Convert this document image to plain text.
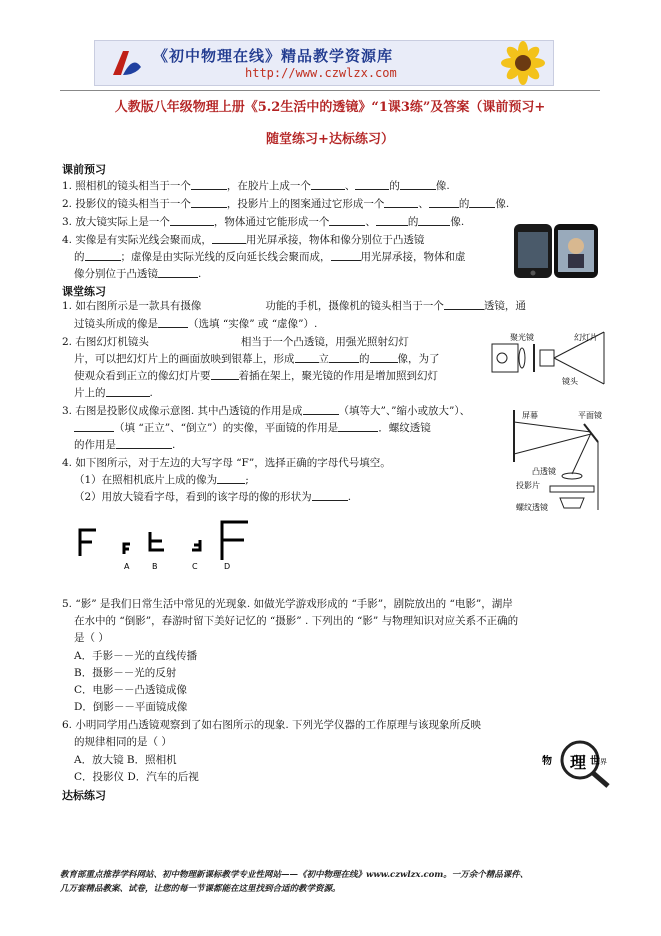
《初中物理在线》精品教学资源库
http://www.czwlzx.com
人教版八年级物理上册《5.2生活中的透镜》“1课3练”及答案（课前预习+
随堂练习+达标练习）
课前预习
1. 照相机的镜头相当于一个	，在胶片上成一个	、	的	像.
2. 投影仪的镜头相当于一个	，投影片上的图案通过它形成一个	、	的 像.
3. 放大镜实际上是一个	，物体通过它能形成一个	、	的	像.
4. 实像是有实际光线会聚而成，	用光屏承接，物体和像分别位于凸透镜
的	；虚像是由实际光线的反向延长线会聚而成，	用光屏承接，物体和虚
像分别位于凸透镜	.
课堂练习
1. 如右图所示是一款具有摄像	功能的手机，摄像机的镜头相当于一个	透镜，通
过镜头所成的像是	（选填 “实像” 或 “虚像”）.
2. 右图幻灯机镜头	相当于一个凸透镜，用强光照射幻灯
片，可以把幻灯片上的画面放映到银幕上，形成 立	的	像，为了
使观众看到正立的像幻灯片要	着插在架上，聚光镜的作用是增加照到幻灯
片上的	.
聚光镜	幻灯片
镜头
3. 右图是投影仪成像示意图. 其中凸透镜的作用是成	（填等大”、”缩小或放大”）、
（填 “正立”、“倒立”）的实像，平面镜的作用是	．螺纹透镜
的作用是	.
屏幕	平面镜
凸透镜
投影片
螺纹透镜
4. 如下图所示，对于左边的大写字母 “F”，选择正确的字母代号填空。
（1）在照相机底片上成的像为	;
（2）用放大镜看字母，看到的该字母的像的形状为	.
A	B	C	D
5. “影” 是我们日常生活中常见的光现象. 如做光学游戏形成的 “手影”，剧院放出的 “电影”，湖岸
在水中的 “倒影”，春游时留下美好记忆的 “摄影” . 下列出的 “影” 与物理知识对应关系不正确的
是（ ）
A．手影－－光的直线传播
B．摄影－－光的反射
C．电影－－凸透镜成像
D．倒影－－平面镜成像
6. 小明同学用凸透镜观察到了如右图所示的现象. 下列光学仪器的工作原理与该现象所反映
的规律相同的是（ ）
A．放大镜 B．照相机
C．投影仪 D．汽车的后视
物 理 世 界
达标练习
教育部重点推荐学科网站、初中物理新课标教学专业性网站——《初中物理在线》www.czwlzx.com。一万余个精品课件、
几万套精品教案、试卷，让您的每一节课都能在这里找到合适的教学资源。
